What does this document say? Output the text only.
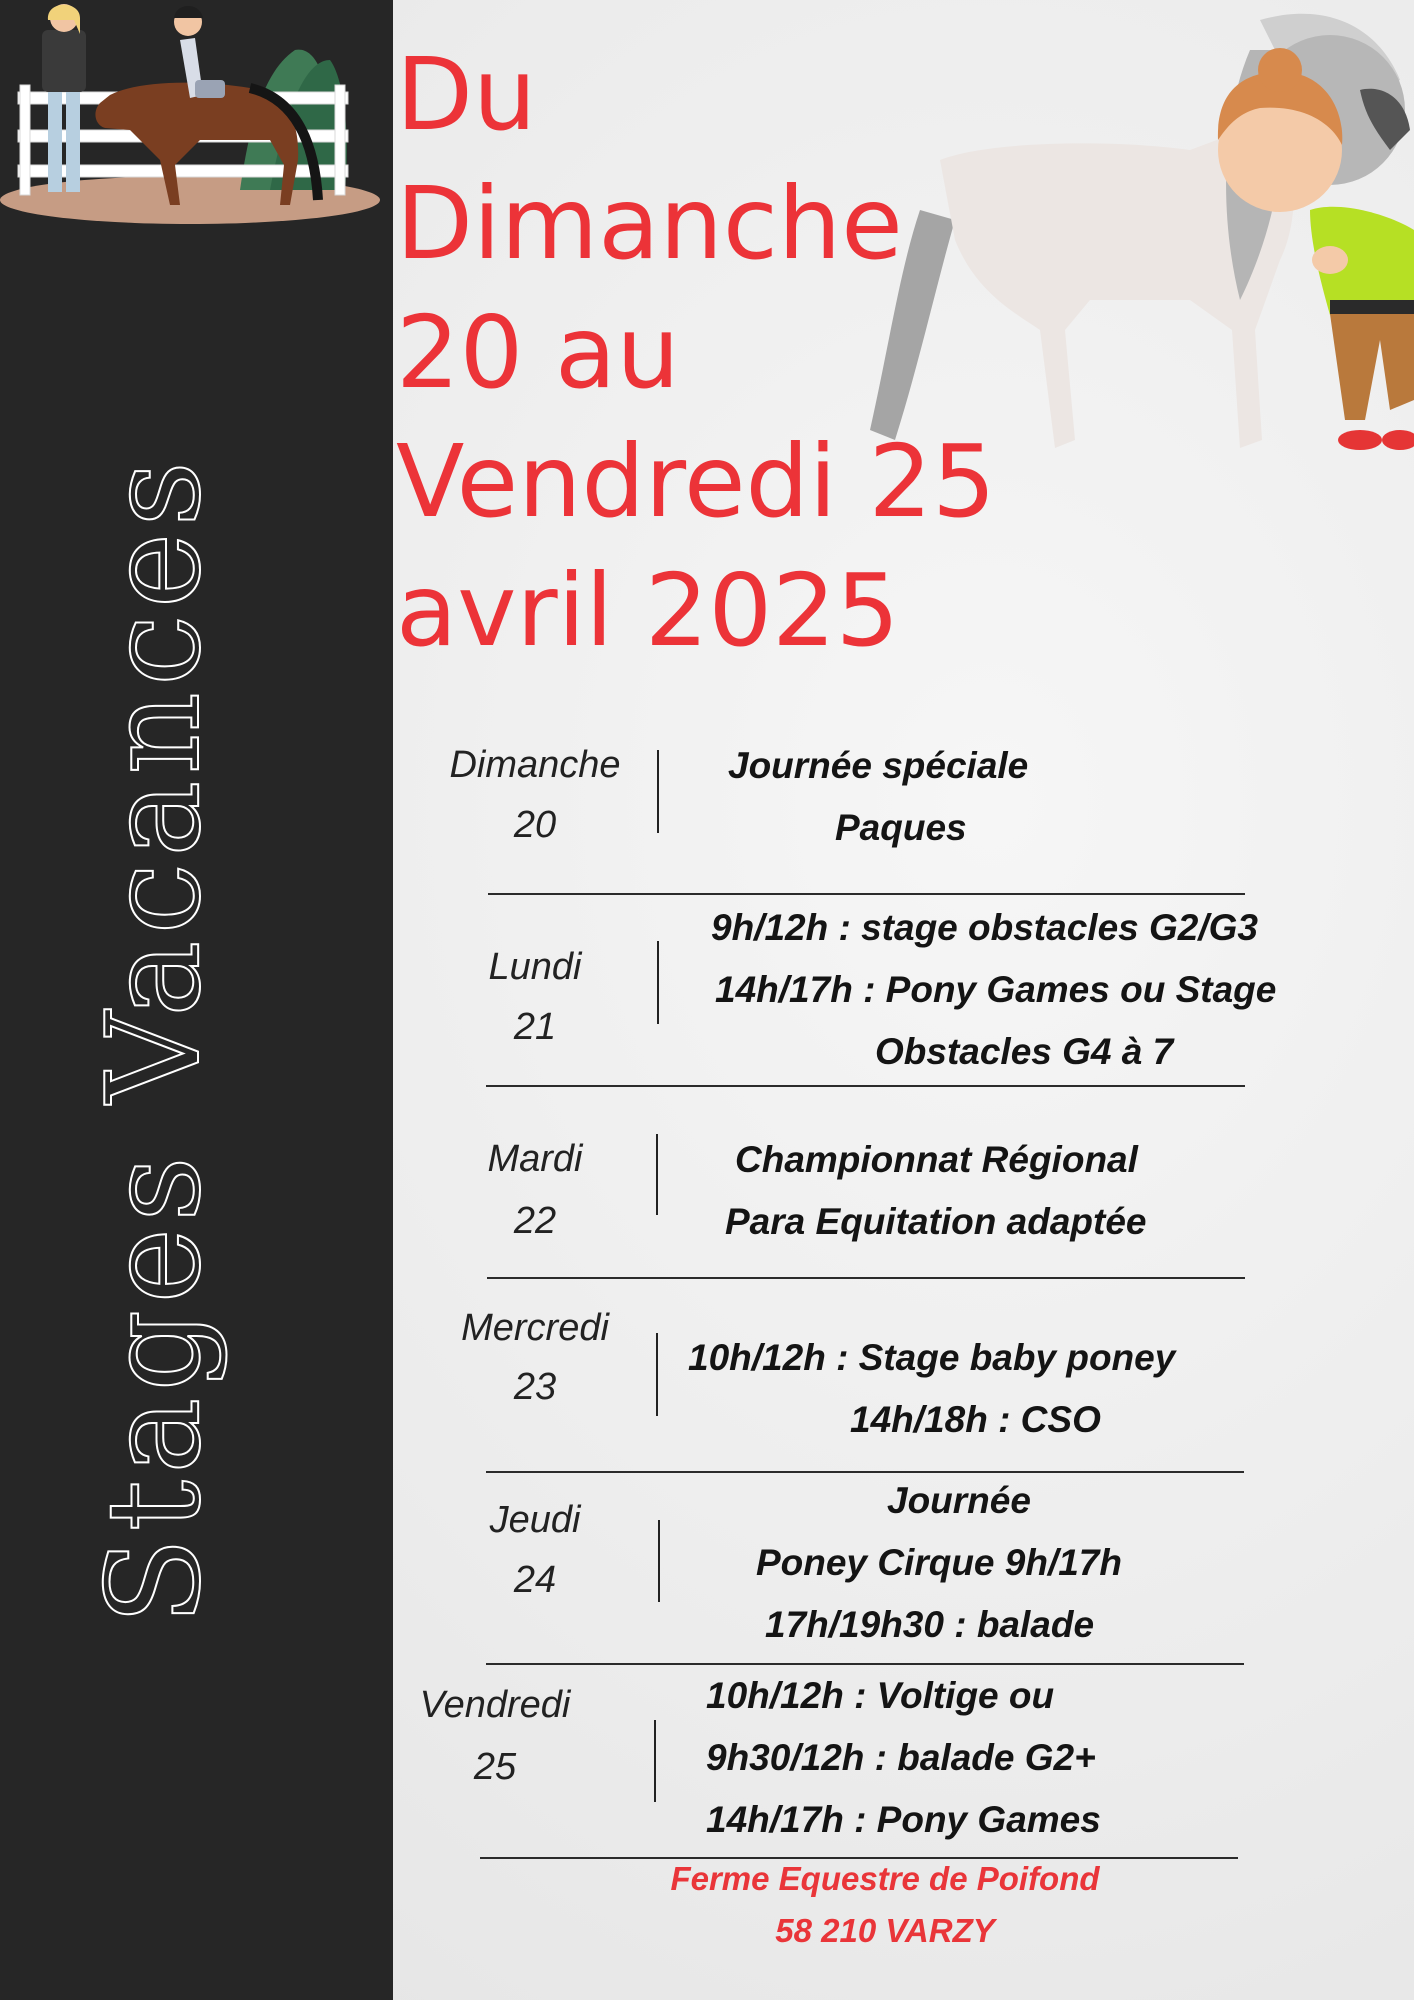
Stages Vacances
Du
Dimanche
20 au
Vendredi 25
avril 2025
Dimanche
20
Journée spéciale
Paques
Lundi
21
9h/12h : stage obstacles G2/G3
14h/17h : Pony Games ou Stage
Obstacles G4 à 7
Mardi
22
Championnat Régional
Para Equitation adaptée
Mercredi
23
10h/12h : Stage baby poney
14h/18h : CSO
Jeudi
24
Journée
Poney Cirque 9h/17h
17h/19h30 : balade
Vendredi
25
10h/12h : Voltige ou
9h30/12h : balade G2+
14h/17h : Pony Games
Ferme Equestre de Poifond
58 210 VARZY
